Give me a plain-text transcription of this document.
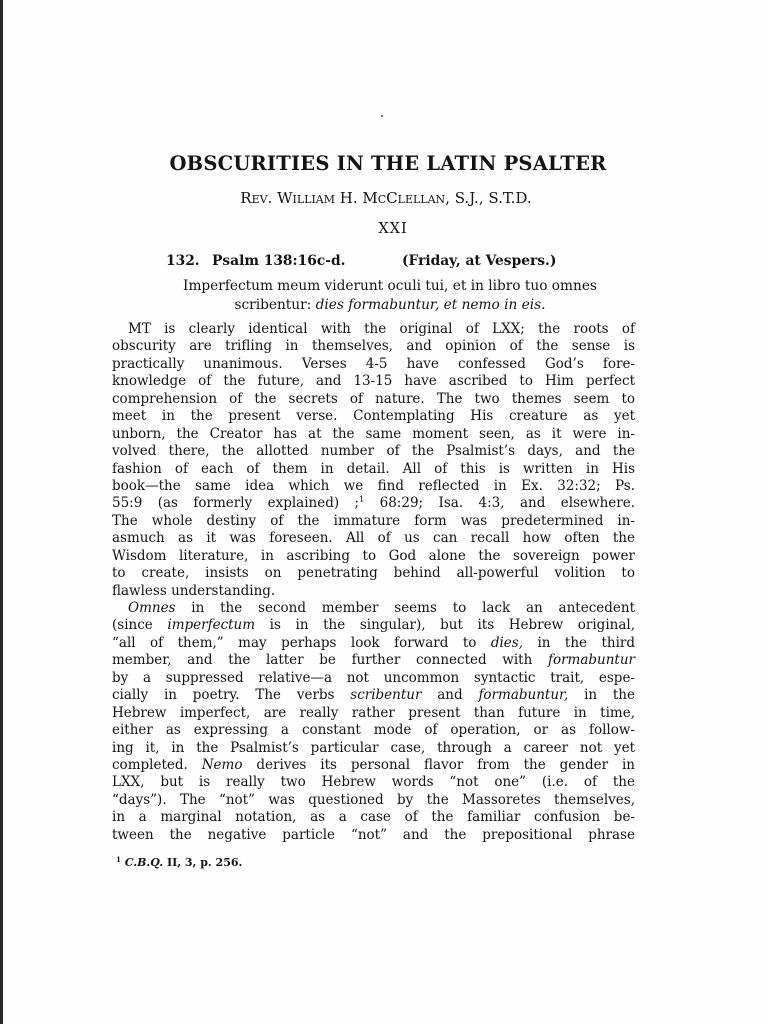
OBSCURITIES IN THE LATIN PSALTER
Rev. William H. McClellan, S.J., S.T.D.
XXI
132. Psalm 138:16c-d.	(Friday, at Vespers.)
Imperfectum meum viderunt oculi tui, et in libro tuo omnes
scribentur: dies formabuntur, et nemo in eis.
MT is clearly identical with the original of LXX; the roots of
obscurity are trifling in themselves, and opinion of the sense is
practically unanimous. Verses 4-5 have confessed God’s fore-
knowledge of the future, and 13-15 have ascribed to Him perfect
comprehension of the secrets of nature. The two themes seem to
meet in the present verse. Contemplating His creature as yet
unborn, the Creator has at the same moment seen, as it were in-
volved there, the allotted number of the Psalmist’s days, and the
fashion of each of them in detail. All of this is written in His
book—the same idea which we find reflected in Ex. 32:32; Ps.
55:9 (as formerly explained) ;$^1$ 68:29; Isa. 4:3, and elsewhere.
The whole destiny of the immature form was predetermined in-
asmuch as it was foreseen. All of us can recall how often the
Wisdom literature, in ascribing to God alone the sovereign power
to create, insists on penetrating behind all-powerful volition to
flawless understanding.
Omnes in the second member seems to lack an antecedent
(since imperfectum is in the singular), but its Hebrew original,
“all of them,” may perhaps look forward to dies, in the third
member, and the latter be further connected with formabuntur
by a suppressed relative—a not uncommon syntactic trait, espe-
cially in poetry. The verbs scribentur and formabuntur, in the
Hebrew imperfect, are really rather present than future in time,
either as expressing a constant mode of operation, or as follow-
ing it, in the Psalmist’s particular case, through a career not yet
completed. Nemo derives its personal flavor from the gender in
LXX, but is really two Hebrew words “not one” (i.e. of the
“days”). The “not” was questioned by the Massoretes themselves,
in a marginal notation, as a case of the familiar confusion be-
tween the negative particle “not” and the prepositional phrase
$^1$ C.B.Q. II, 3, p. 256.
